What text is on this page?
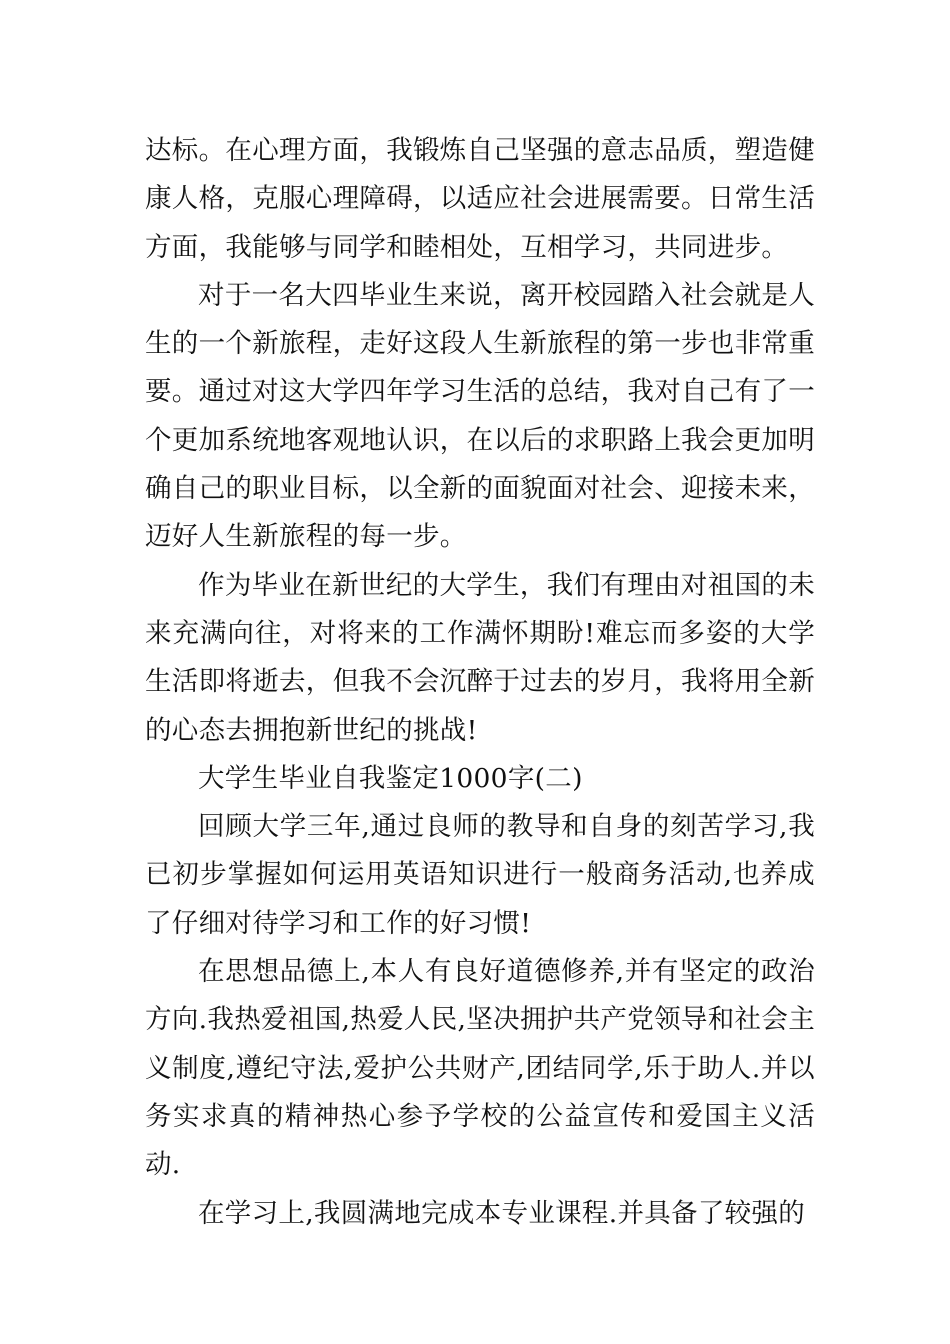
达标。在心理方面，我锻炼自己坚强的意志品质，塑造健康人格，克服心理障碍，以适应社会进展需要。日常生活方面，我能够与同学和睦相处，互相学习，共同进步。

对于一名大四毕业生来说，离开校园踏入社会就是人生的一个新旅程，走好这段人生新旅程的第一步也非常重要。通过对这大学四年学习生活的总结，我对自己有了一个更加系统地客观地认识，在以后的求职路上我会更加明确自己的职业目标，以全新的面貌面对社会、迎接未来，迈好人生新旅程的每一步。

作为毕业在新世纪的大学生，我们有理由对祖国的未来充满向往，对将来的工作满怀期盼!难忘而多姿的大学生活即将逝去，但我不会沉醉于过去的岁月，我将用全新的心态去拥抱新世纪的挑战!

大学生毕业自我鉴定1000字(二)

回顾大学三年,通过良师的教导和自身的刻苦学习,我已初步掌握如何运用英语知识进行一般商务活动,也养成了仔细对待学习和工作的好习惯!

在思想品德上,本人有良好道德修养,并有坚定的政治方向.我热爱祖国,热爱人民,坚决拥护共产党领导和社会主义制度,遵纪守法,爱护公共财产,团结同学,乐于助人.并以务实求真的精神热心参予学校的公益宣传和爱国主义活动.

在学习上,我圆满地完成本专业课程.并具备了较强的
